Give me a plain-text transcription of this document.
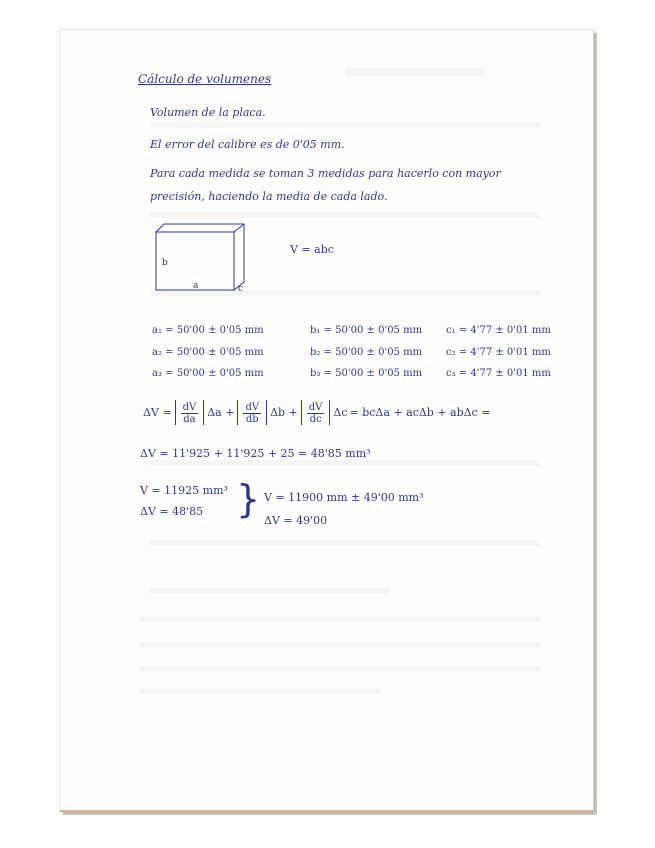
Cálculo de volumenes
Volumen de la placa.
El error del calibre es de 0'05 mm.
Para cada medida se toman 3 medidas para hacerlo con mayor
precisión, haciendo la media de cada lado.
a
b
c
V = abc
a₁ = 50'00 ± 0'05 mm	b₁ = 50'00 ± 0'05 mm c₁ = 4'77 ± 0'01 mm
a₂ = 50'00 ± 0'05 mm	b₂ = 50'00 ± 0'05 mm c₂ = 4'77 ± 0'01 mm
a₃ = 50'00 ± 0'05 mm	b₃ = 50'00 ± 0'05 mm c₃ = 4'77 ± 0'01 mm
$\Delta V = \frac{dV}{da}$ $\Delta a + \frac{dV}{db}$ $\Delta b + \frac{dV}{dc}$ Δc = bcΔa + acΔb + abΔc =
ΔV = 11'925 + 11'925 + 25 = 48'85 mm³
V = 11925 mm³
ΔV = 48'85 } V = 11900 mm ± 49'00 mm³
ΔV = 49'00
